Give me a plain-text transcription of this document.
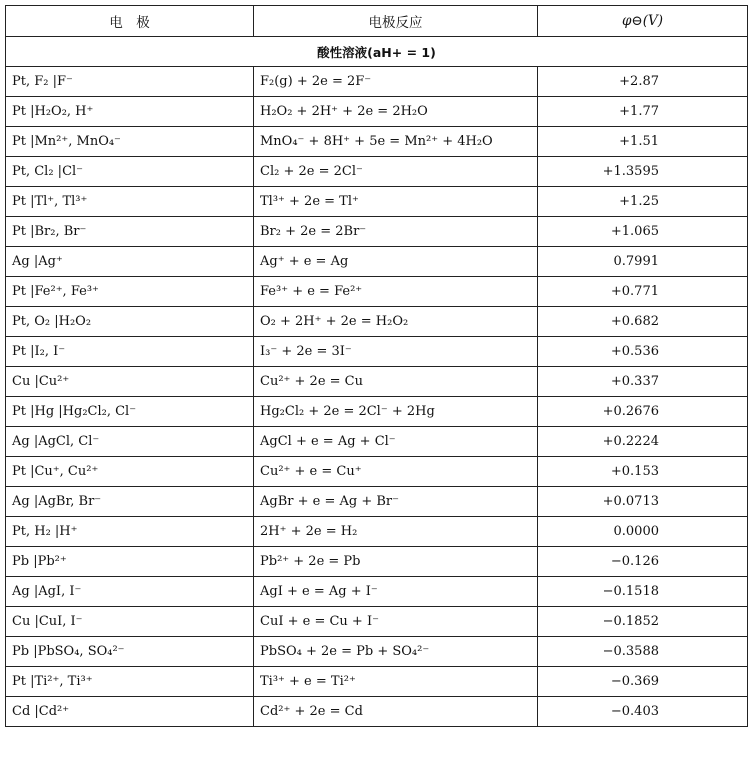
电　极	电极反应	φ⊖(V)
酸性溶液(aH+ = 1)		
Pt, F₂ |F⁻	F₂(g) + 2e = 2F⁻	+2.87
Pt |H₂O₂, H⁺	H₂O₂ + 2H⁺ + 2e = 2H₂O	+1.77
Pt |Mn²⁺, MnO₄⁻	MnO₄⁻ + 8H⁺ + 5e = Mn²⁺ + 4H₂O	+1.51
Pt, Cl₂ |Cl⁻	Cl₂ + 2e = 2Cl⁻	+1.3595
Pt |Tl⁺, Tl³⁺	Tl³⁺ + 2e = Tl⁺	+1.25
Pt |Br₂, Br⁻	Br₂ + 2e = 2Br⁻	+1.065
Ag |Ag⁺	Ag⁺ + e = Ag	0.7991
Pt |Fe²⁺, Fe³⁺	Fe³⁺ + e = Fe²⁺	+0.771
Pt, O₂ |H₂O₂	O₂ + 2H⁺ + 2e = H₂O₂	+0.682
Pt |I₂, I⁻	I₃⁻ + 2e = 3I⁻	+0.536
Cu |Cu²⁺	Cu²⁺ + 2e = Cu	+0.337
Pt |Hg |Hg₂Cl₂, Cl⁻	Hg₂Cl₂ + 2e = 2Cl⁻ + 2Hg	+0.2676
Ag |AgCl, Cl⁻	AgCl + e = Ag + Cl⁻	+0.2224
Pt |Cu⁺, Cu²⁺	Cu²⁺ + e = Cu⁺	+0.153
Ag |AgBr, Br⁻	AgBr + e = Ag + Br⁻	+0.0713
Pt, H₂ |H⁺	2H⁺ + 2e = H₂	0.0000
Pb |Pb²⁺	Pb²⁺ + 2e = Pb	−0.126
Ag |AgI, I⁻	AgI + e = Ag + I⁻	−0.1518
Cu |CuI, I⁻	CuI + e = Cu + I⁻	−0.1852
Pb |PbSO₄, SO₄²⁻	PbSO₄ + 2e = Pb + SO₄²⁻	−0.3588
Pt |Ti²⁺, Ti³⁺	Ti³⁺ + e = Ti²⁺	−0.369
Cd |Cd²⁺	Cd²⁺ + 2e = Cd	−0.403
